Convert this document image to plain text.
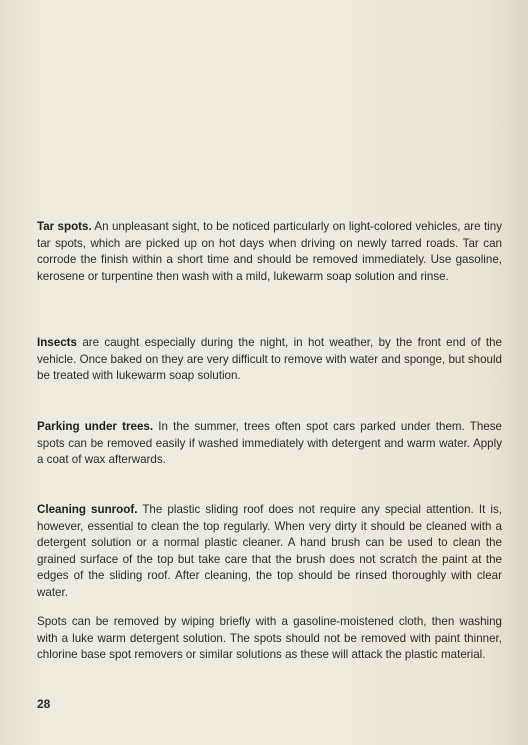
Tar spots. An unpleasant sight, to be noticed particularly on light-colored vehicles, are tiny tar spots, which are picked up on hot days when driving on newly tarred roads. Tar can corrode the finish within a short time and should be removed immediately. Use gasoline, kerosene or turpentine then wash with a mild, lukewarm soap solution and rinse.

Insects are caught especially during the night, in hot weather, by the front end of the vehicle. Once baked on they are very difficult to remove with water and sponge, but should be treated with lukewarm soap solution.

Parking under trees. In the summer, trees often spot cars parked under them. These spots can be removed easily if washed immediately with detergent and warm water. Apply a coat of wax afterwards.

Cleaning sunroof. The plastic sliding roof does not require any special attention. It is, however, essential to clean the top regularly. When very dirty it should be cleaned with a detergent solution or a normal plastic cleaner. A hand brush can be used to clean the grained surface of the top but take care that the brush does not scratch the paint at the edges of the sliding roof. After cleaning, the top should be rinsed thoroughly with clear water.

Spots can be removed by wiping briefly with a gasoline-moistened cloth, then washing with a luke warm detergent solution. The spots should not be removed with paint thinner, chlorine base spot removers or similar solutions as these will attack the plastic material.

28
